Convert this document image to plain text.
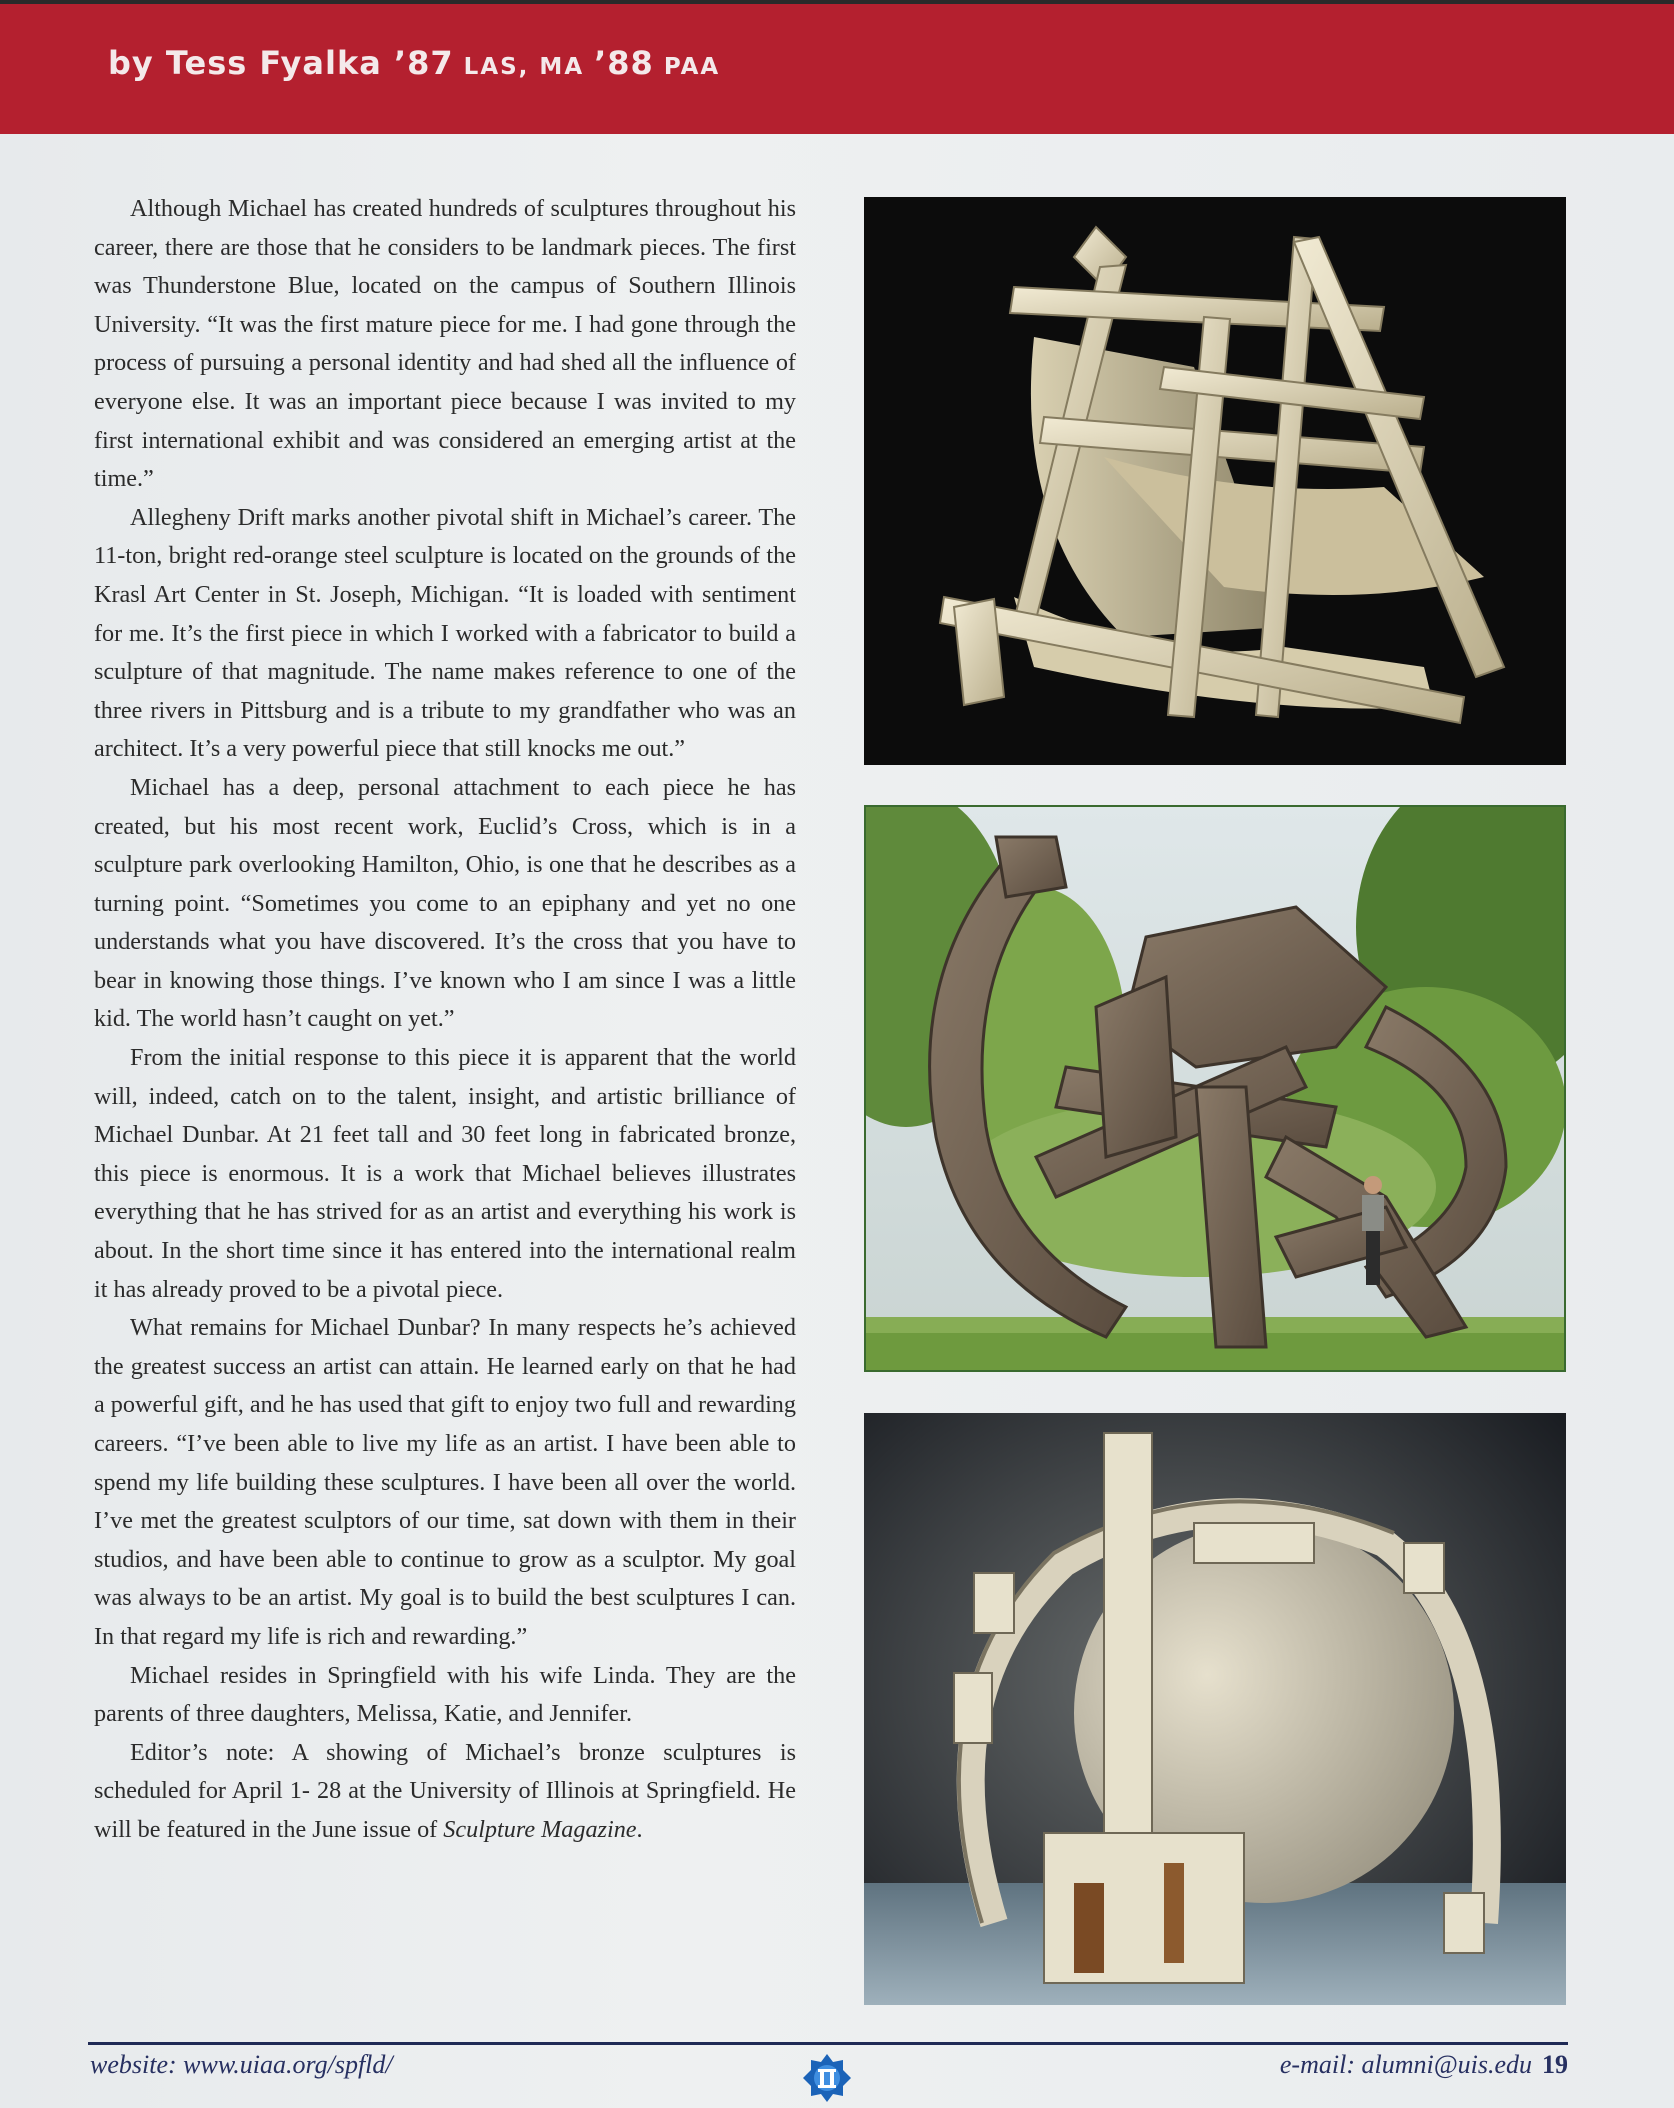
by Tess Fyalka ’87 LAS, MA ’88 PAA

Although Michael has created hundreds of sculptures throughout his career, there are those that he considers to be landmark pieces. The first was Thunderstone Blue, located on the campus of Southern Illinois University. “It was the first mature piece for me. I had gone through the process of pursuing a personal identity and had shed all the influence of everyone else. It was an important piece because I was invited to my first international exhibit and was considered an emerging artist at the time.”

Allegheny Drift marks another pivotal shift in Michael’s career. The 11-ton, bright red-orange steel sculpture is located on the grounds of the Krasl Art Center in St. Joseph, Michigan. “It is loaded with sentiment for me. It’s the first piece in which I worked with a fabricator to build a sculpture of that magnitude. The name makes reference to one of the three rivers in Pittsburg and is a tribute to my grandfather who was an architect. It’s a very powerful piece that still knocks me out.”

Michael has a deep, personal attachment to each piece he has created, but his most recent work, Euclid’s Cross, which is in a sculpture park overlooking Hamilton, Ohio, is one that he describes as a turning point. “Sometimes you come to an epiphany and yet no one understands what you have discovered. It’s the cross that you have to bear in knowing those things. I’ve known who I am since I was a little kid. The world hasn’t caught on yet.”

From the initial response to this piece it is apparent that the world will, indeed, catch on to the talent, insight, and artistic brilliance of Michael Dunbar. At 21 feet tall and 30 feet long in fabricated bronze, this piece is enormous. It is a work that Michael believes illustrates everything that he has strived for as an artist and everything his work is about. In the short time since it has entered into the international realm it has already proved to be a pivotal piece.

What remains for Michael Dunbar? In many respects he’s achieved the greatest success an artist can attain. He learned early on that he had a powerful gift, and he has used that gift to enjoy two full and rewarding careers. “I’ve been able to live my life as an artist. I have been able to spend my life building these sculptures. I have been all over the world. I’ve met the greatest sculptors of our time, sat down with them in their studios, and have been able to continue to grow as a sculptor. My goal was always to be an artist. My goal is to build the best sculptures I can. In that regard my life is rich and rewarding.”

Michael resides in Springfield with his wife Linda. They are the parents of three daughters, Melissa, Katie, and Jennifer.

Editor’s note: A showing of Michael’s bronze sculptures is scheduled for April 1- 28 at the University of Illinois at Springfield. He will be featured in the June issue of Sculpture Magazine.

website: www.uiaa.org/spfld/	e-mail: alumni@uis.edu 19
